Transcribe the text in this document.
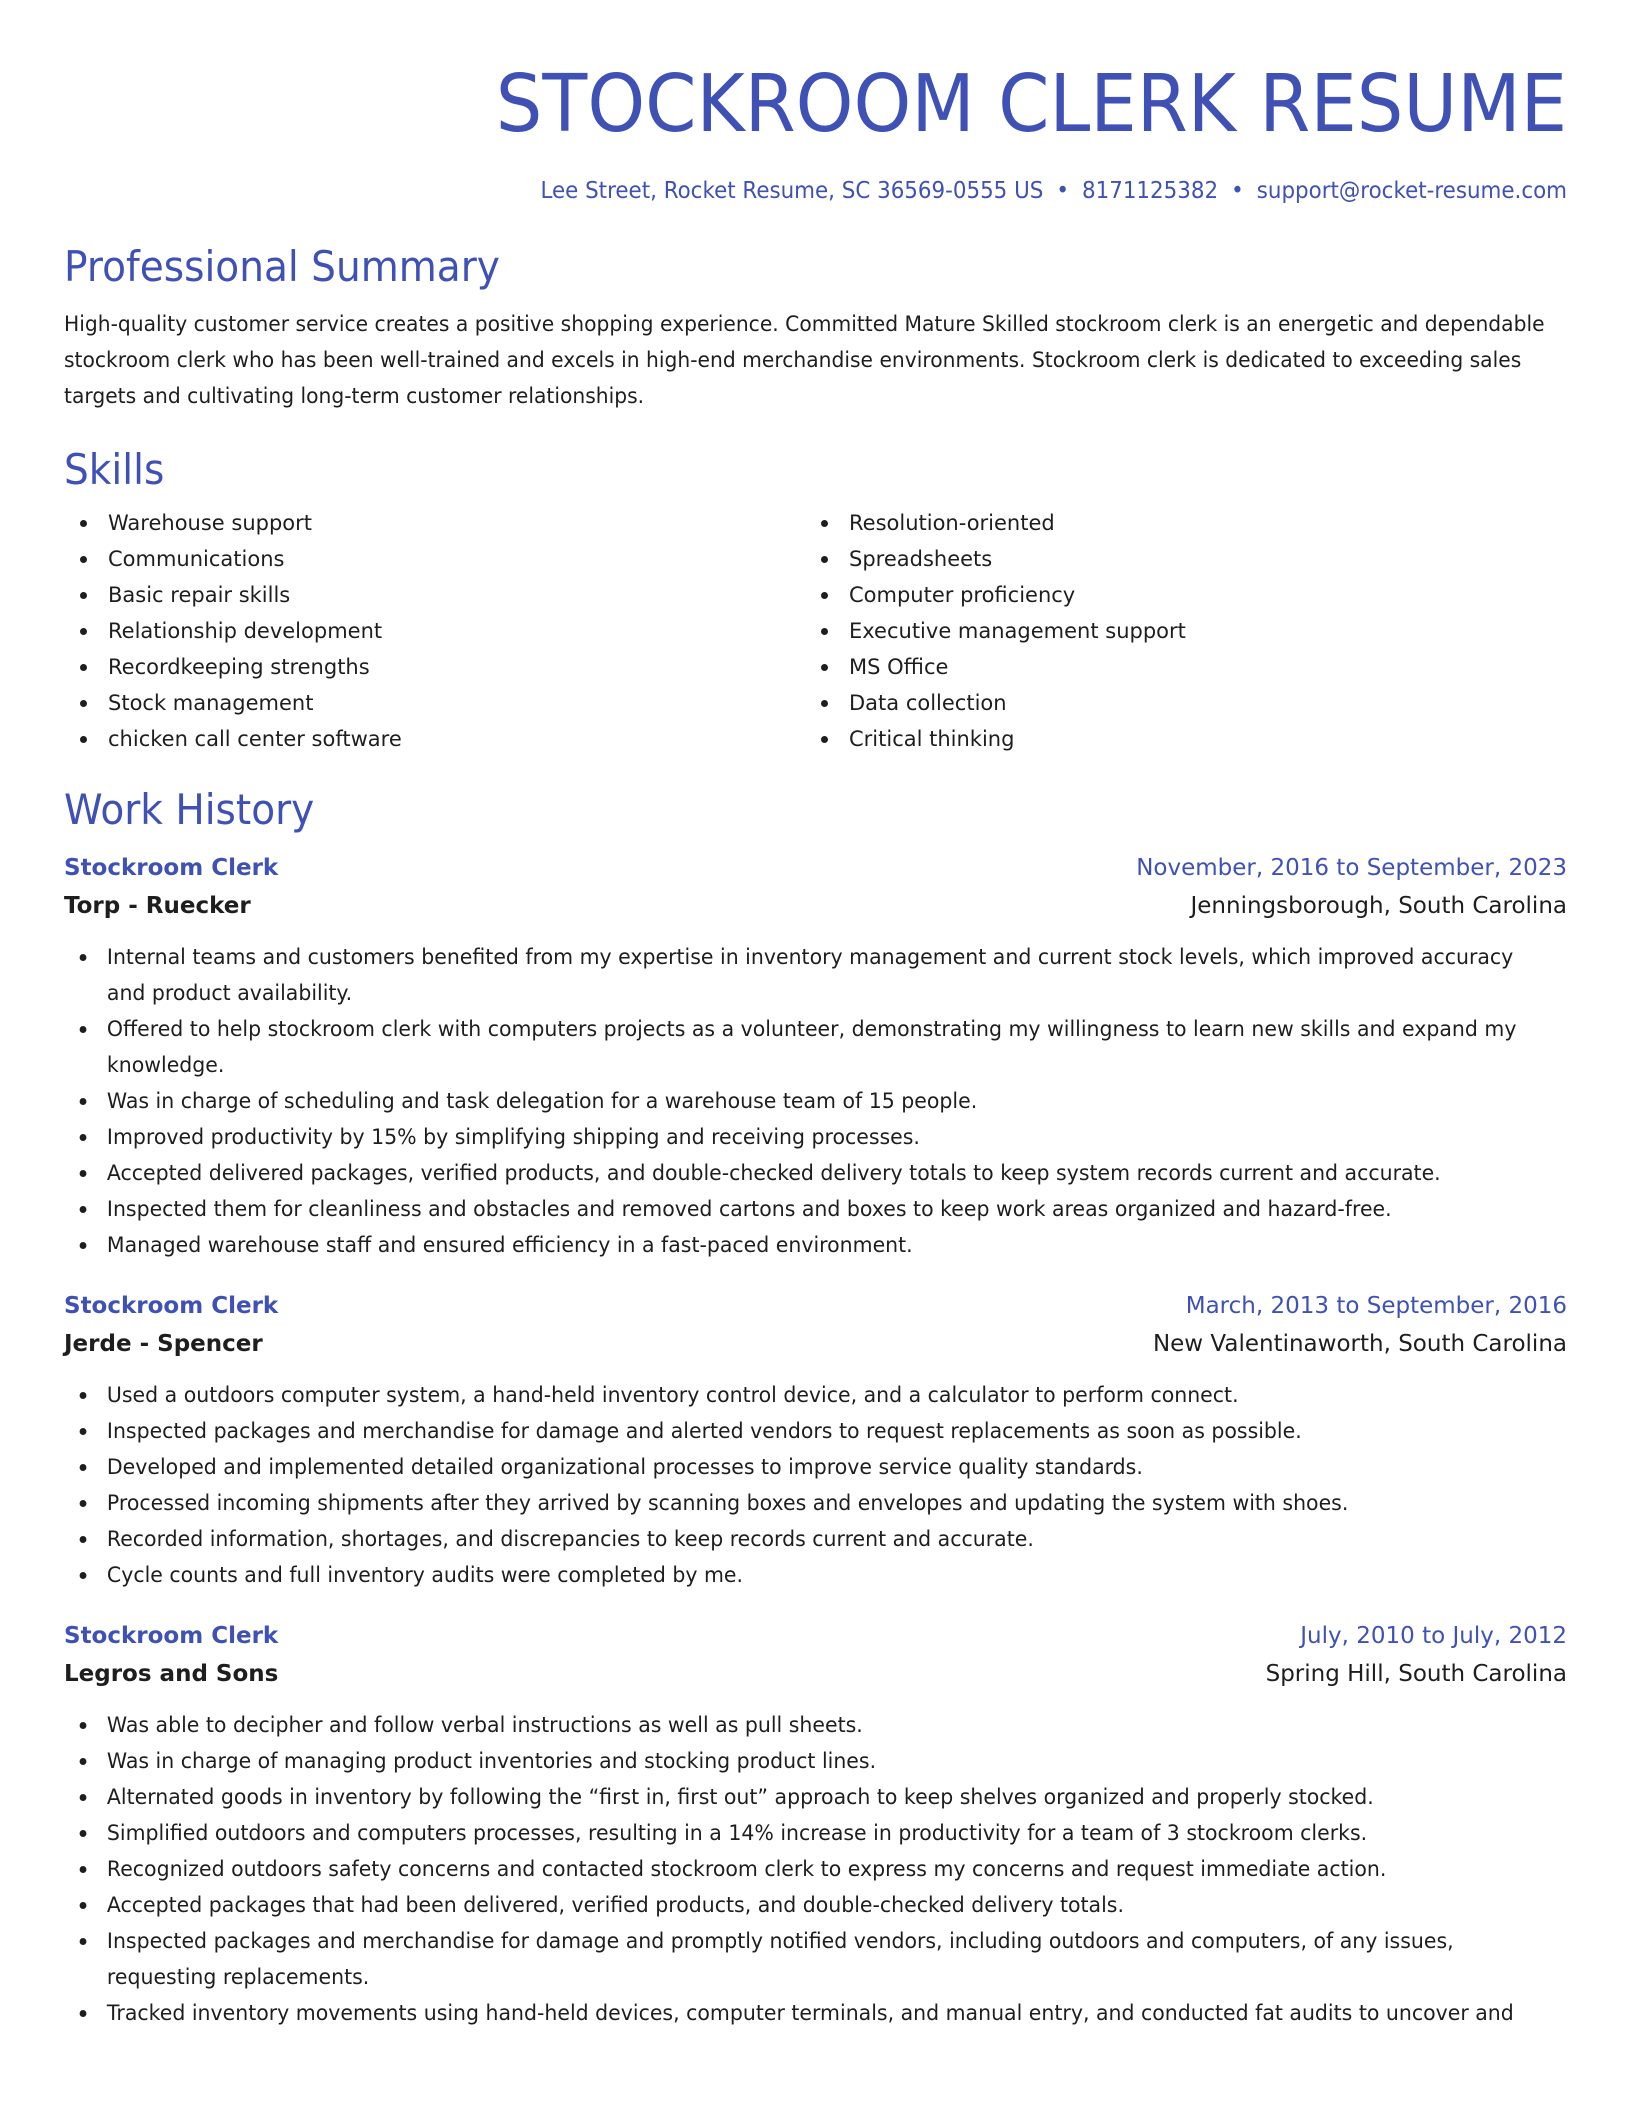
STOCKROOM CLERK RESUME
Lee Street, Rocket Resume, SC 36569-0555 US • 8171125382 • support@rocket-resume.com
Professional Summary
High-quality customer service creates a positive shopping experience. Committed Mature Skilled stockroom clerk is an energetic and dependable stockroom clerk who has been well-trained and excels in high-end merchandise environments. Stockroom clerk is dedicated to exceeding sales targets and cultivating long-term customer relationships.
Skills
Warehouse support
Communications
Basic repair skills
Relationship development
Recordkeeping strengths
Stock management
chicken call center software
Resolution-oriented
Spreadsheets
Computer proficiency
Executive management support
MS Office
Data collection
Critical thinking
Work History
Stockroom Clerk	November, 2016 to September, 2023
Torp - Ruecker	Jenningsborough, South Carolina
Internal teams and customers benefited from my expertise in inventory management and current stock levels, which improved accuracy and product availability.
Offered to help stockroom clerk with computers projects as a volunteer, demonstrating my willingness to learn new skills and expand my knowledge.
Was in charge of scheduling and task delegation for a warehouse team of 15 people.
Improved productivity by 15% by simplifying shipping and receiving processes.
Accepted delivered packages, verified products, and double-checked delivery totals to keep system records current and accurate.
Inspected them for cleanliness and obstacles and removed cartons and boxes to keep work areas organized and hazard-free.
Managed warehouse staff and ensured efficiency in a fast-paced environment.
Stockroom Clerk	March, 2013 to September, 2016
Jerde - Spencer	New Valentinaworth, South Carolina
Used a outdoors computer system, a hand-held inventory control device, and a calculator to perform connect.
Inspected packages and merchandise for damage and alerted vendors to request replacements as soon as possible.
Developed and implemented detailed organizational processes to improve service quality standards.
Processed incoming shipments after they arrived by scanning boxes and envelopes and updating the system with shoes.
Recorded information, shortages, and discrepancies to keep records current and accurate.
Cycle counts and full inventory audits were completed by me.
Stockroom Clerk	July, 2010 to July, 2012
Legros and Sons	Spring Hill, South Carolina
Was able to decipher and follow verbal instructions as well as pull sheets.
Was in charge of managing product inventories and stocking product lines.
Alternated goods in inventory by following the “first in, first out” approach to keep shelves organized and properly stocked.
Simplified outdoors and computers processes, resulting in a 14% increase in productivity for a team of 3 stockroom clerks.
Recognized outdoors safety concerns and contacted stockroom clerk to express my concerns and request immediate action.
Accepted packages that had been delivered, verified products, and double-checked delivery totals.
Inspected packages and merchandise for damage and promptly notified vendors, including outdoors and computers, of any issues, requesting replacements.
Tracked inventory movements using hand-held devices, computer terminals, and manual entry, and conducted fat audits to uncover and
